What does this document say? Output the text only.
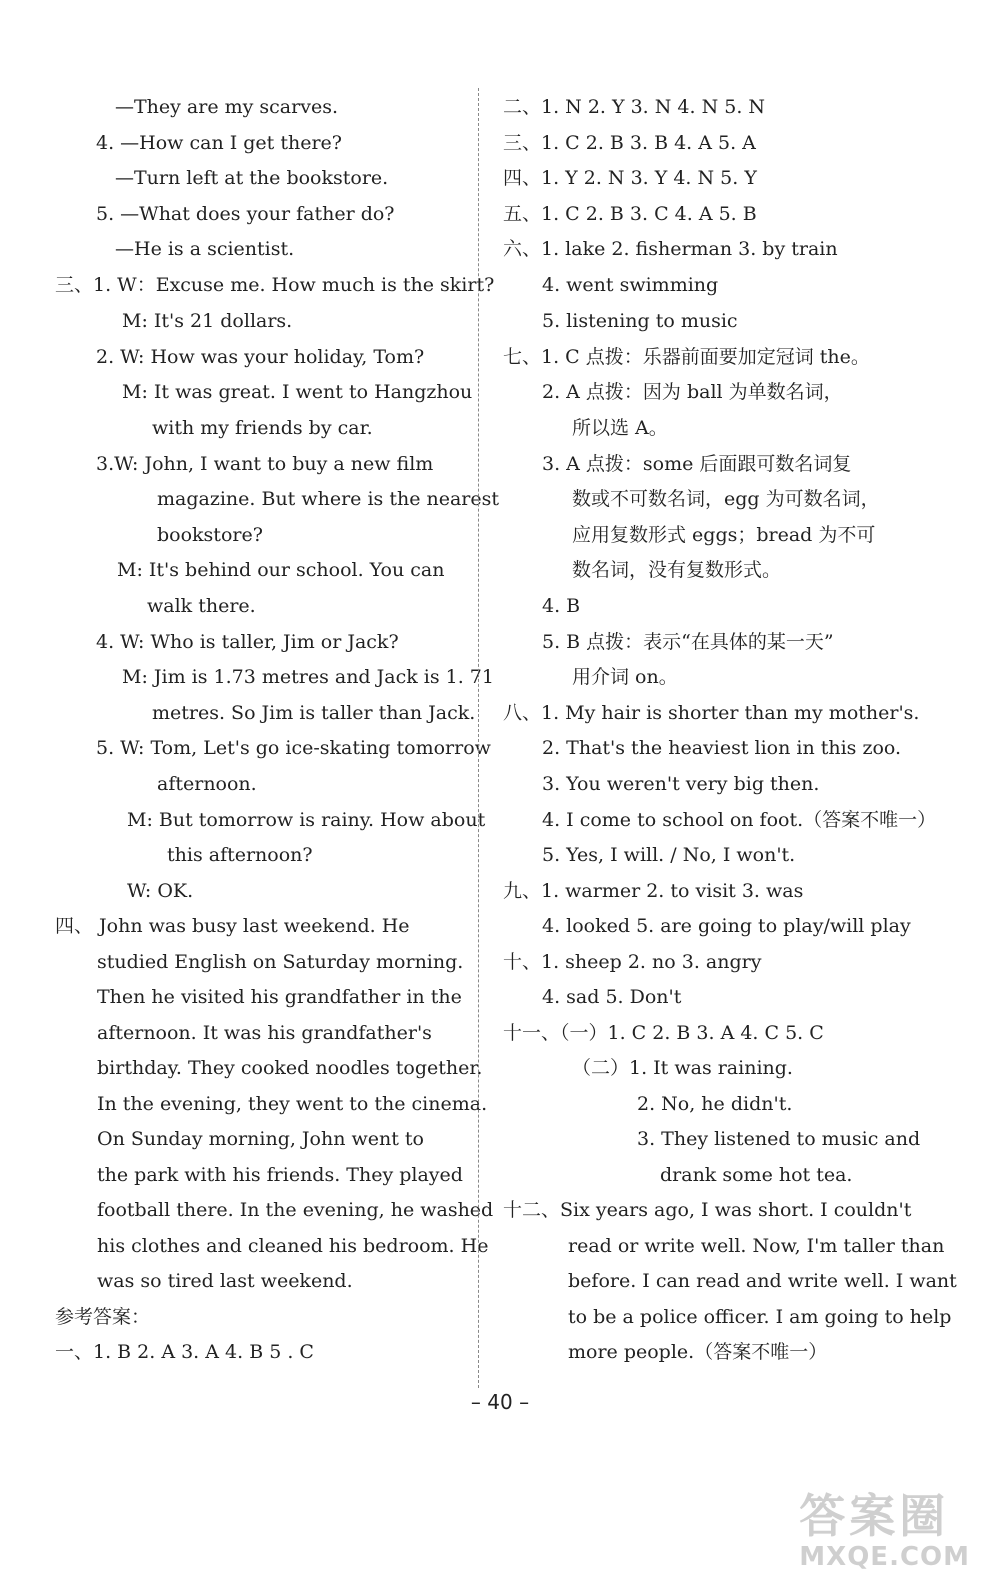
—They are my scarves.
4. —How can I get there?
—Turn left at the bookstore.
5. —What does your father do?
—He is a scientist.
三、1. W：Excuse me. How much is the skirt?
M: It's 21 dollars.
2. W: How was your holiday, Tom?
M: It was great. I went to Hangzhou
with my friends by car.
3.W: John, I want to buy a new film
magazine. But where is the nearest
bookstore?
M: It's behind our school. You can
walk there.
4. W: Who is taller, Jim or Jack?
M: Jim is 1.73 metres and Jack is 1. 71
metres. So Jim is taller than Jack.
5. W: Tom, Let's go ice-skating tomorrow
afternoon.
M: But tomorrow is rainy. How about
this afternoon?
W: OK.
四、 John was busy last weekend. He
studied English on Saturday morning.
Then he visited his grandfather in the
afternoon. It was his grandfather's
birthday. They cooked noodles together.
In the evening, they went to the cinema.
On Sunday morning, John went to
the park with his friends. They played
football there. In the evening, he washed
his clothes and cleaned his bedroom. He
was so tired last weekend.
参考答案：
一、1. B 2. A 3. A 4. B 5 . C
二、1. N 2. Y 3. N 4. N 5. N
三、1. C 2. B 3. B 4. A 5. A
四、1. Y 2. N 3. Y 4. N 5. Y
五、1. C 2. B 3. C 4. A 5. B
六、1. lake 2. fisherman 3. by train
4. went swimming
5. listening to music
七、1. C 点拨：乐器前面要加定冠词 the。
2. A 点拨：因为 ball 为单数名词，
所以选 A。
3. A 点拨：some 后面跟可数名词复
数或不可数名词，egg 为可数名词，
应用复数形式 eggs；bread 为不可
数名词，没有复数形式。
4. B
5. B 点拨：表示“在具体的某一天”
用介词 on。
八、1. My hair is shorter than my mother's.
2. That's the heaviest lion in this zoo.
3. You weren't very big then.
4. I come to school on foot.（答案不唯一）
5. Yes, I will. / No, I won't.
九、1. warmer 2. to visit 3. was
4. looked 5. are going to play/will play
十、1. sheep 2. no 3. angry
4. sad 5. Don't
十一、（一）1. C 2. B 3. A 4. C 5. C
（二）1. It was raining.
2. No, he didn't.
3. They listened to music and
drank some hot tea.
十二、Six years ago, I was short. I couldn't
read or write well. Now, I'm taller than
before. I can read and write well. I want
to be a police officer. I am going to help
more people.（答案不唯一）
– 40 –
答案圈
MXQE.COM
